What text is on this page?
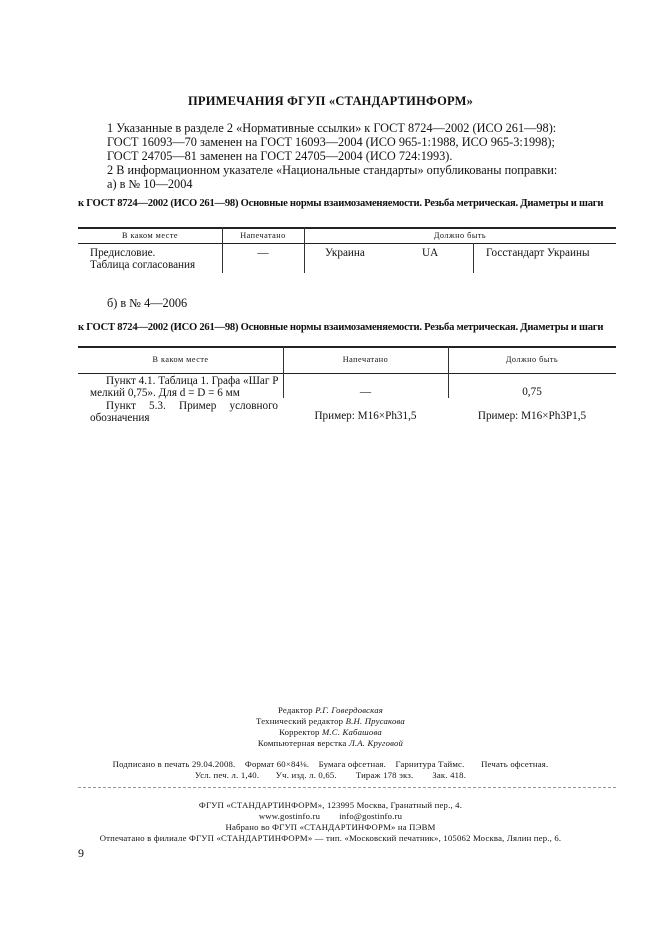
ПРИМЕЧАНИЯ ФГУП «СТАНДАРТИНФОРМ»
1 Указанные в разделе 2 «Нормативные ссылки» к ГОСТ 8724—2002 (ИСО 261—98):
ГОСТ 16093—70 заменен на ГОСТ 16093—2004 (ИСО 965-1:1988, ИСО 965-3:1998);
ГОСТ 24705—81 заменен на ГОСТ 24705—2004 (ИСО 724:1993).
2 В информационном указателе «Национальные стандарты» опубликованы поправки:
а) в № 10—2004
к ГОСТ 8724—2002 (ИСО 261—98) Основные нормы взаимозаменяемости. Резьба метрическая. Диаметры и шаги
В каком месте	Напечатано	Должно быть
Предисловие.
Таблица согласования
—	Украина	UA	Госстандарт Украины
б) в № 4—2006
к ГОСТ 8724—2002 (ИСО 261—98) Основные нормы взаимозаменяемости. Резьба метрическая. Диаметры и шаги
В каком месте	Напечатано	Должно быть
Пункт 4.1. Таблица 1. Графа «Шаг P
мелкий 0,75». Для d = D = 6 мм	—	0,75
Пункт 5.3. Пример условного
обозначения	Пример: M16×Ph31,5	Пример: M16×Ph3P1,5
Редактор Р.Г. Говердовская
Технический редактор В.Н. Прусакова
Корректор М.С. Кабашова
Компьютерная верстка Л.А. Круговой
Подписано в печать 29.04.2008.    Формат 60×84⅛.    Бумага офсетная.    Гарнитура Таймс.       Печать офсетная.
Усл. печ. л. 1,40.       Уч. изд. л. 0,65.        Тираж 178 экз.        Зак. 418.
ФГУП «СТАНДАРТИНФОРМ», 123995 Москва, Гранатный пер., 4.
www.gostinfo.ru        info@gostinfo.ru
Набрано во ФГУП «СТАНДАРТИНФОРМ» на ПЭВМ
Отпечатано в филиале ФГУП «СТАНДАРТИНФОРМ» — тип. «Московский печатник», 105062 Москва, Лялин пер., 6.
9
